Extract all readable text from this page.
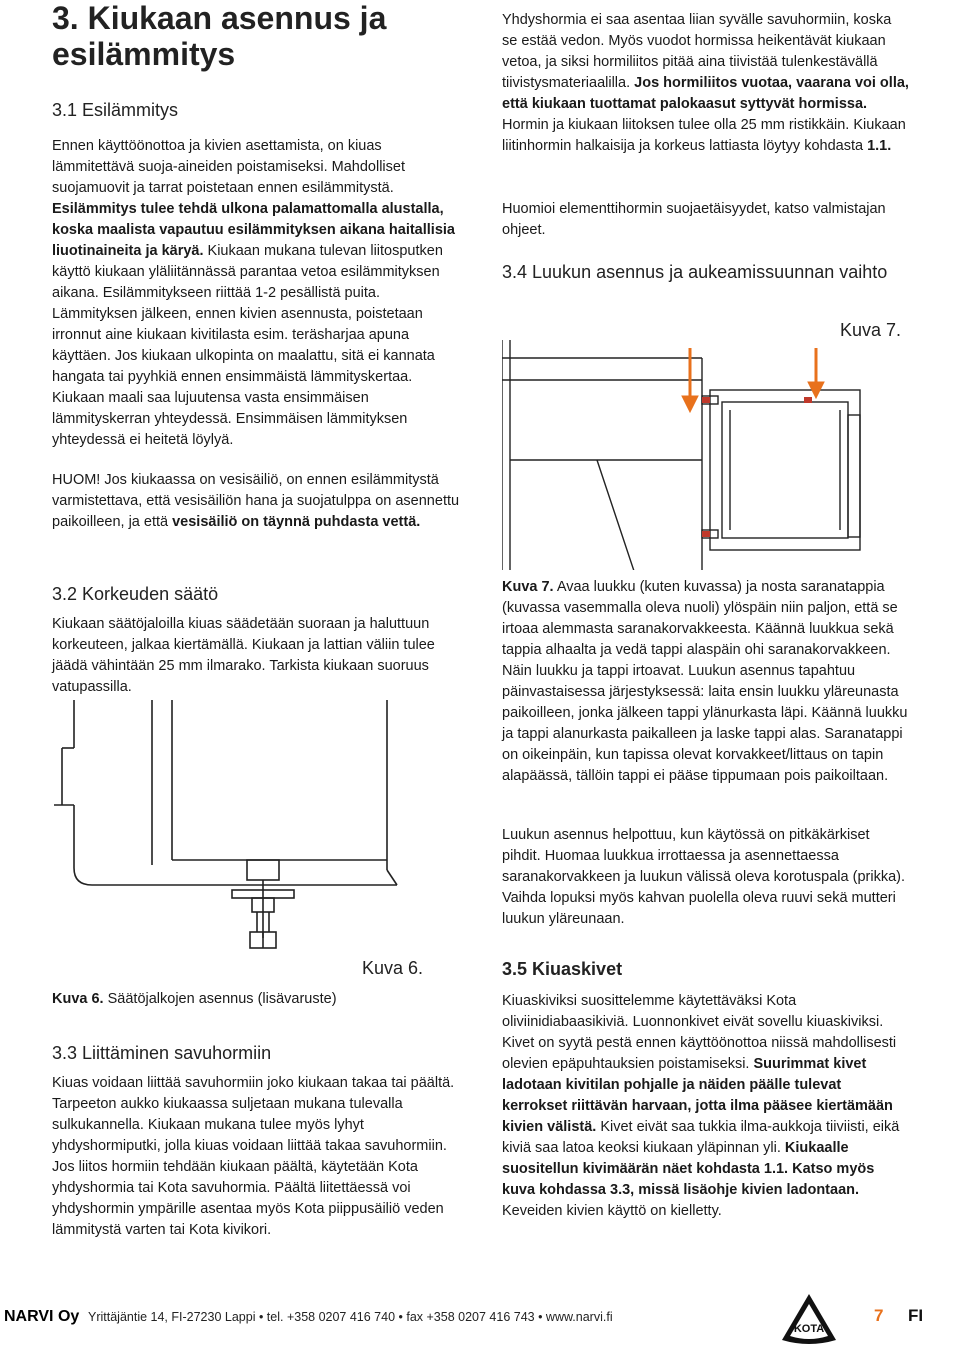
3. Kiukaan asennus ja esilämmitys
3.1 Esilämmitys

Ennen käyttöönottoa ja kivien asettamista, on kiuas lämmitettävä suoja-aineiden poistamiseksi. Mahdolliset suojamuovit ja tarrat poistetaan ennen esilämmitystä. Esilämmitys tulee tehdä ulkona palamattomalla alustalla, koska maalista vapautuu esilämmityksen aikana haitallisia liuotinaineita ja käryä. Kiukaan mukana tulevan liitosputken käyttö kiukaan yläliitännässä parantaa vetoa esilämmityksen aikana. Esilämmitykseen riittää 1-2 pesällistä puita. Lämmityksen jälkeen, ennen kivien asennusta, poistetaan irronnut aine kiukaan kivitilasta esim. teräsharjaa apuna käyttäen. Jos kiukaan ulkopinta on maalattu, sitä ei kannata hangata tai pyyhkiä ennen ensimmäistä lämmityskertaa. Kiukaan maali saa lujuutensa vasta ensimmäisen lämmityskerran yhteydessä. Ensimmäisen lämmityksen yhteydessä ei heitetä löylyä.

HUOM! Jos kiukaassa on vesisäiliö, on ennen esilämmitystä varmistettava, että vesisäiliön hana ja suojatulppa on asennettu paikoilleen, ja että vesisäiliö on täynnä puhdasta vettä.

3.2 Korkeuden säätö
Kiukaan säätöjaloilla kiuas säädetään suoraan ja haluttuun korkeuteen, jalkaa kiertämällä. Kiukaan ja lattian väliin tulee jäädä vähintään 25 mm ilmarako. Tarkista kiukaan suoruus vatupassilla.
Kuva 6.
Kuva 6. Säätöjalkojen asennus (lisävaruste)
3.3 Liittäminen savuhormiin
Kiuas voidaan liittää savuhormiin joko kiukaan takaa tai päältä. Tarpeeton aukko kiukaassa suljetaan mukana tulevalla sulkukannella. Kiukaan mukana tulee myös lyhyt yhdyshormiputki, jolla kiuas voidaan liittää takaa savuhormiin. Jos liitos hormiin tehdään kiukaan päältä, käytetään Kota yhdyshormia tai Kota savuhormia. Päältä liitettäessä voi yhdyshormin ympärille asentaa myös Kota piippusäiliö veden lämmitystä varten tai Kota kivikori.

Yhdyshormia ei saa asentaa liian syvälle savuhormiin, koska se estää vedon. Myös vuodot hormissa heikentävät kiukaan vetoa, ja siksi hormiliitos pitää aina tiivistää tulenkestävällä tiivistysmateriaalilla. Jos hormiliitos vuotaa, vaarana voi olla, että kiukaan tuottamat palokaasut syttyvät hormissa. Hormin ja kiukaan liitoksen tulee olla 25 mm ristikkäin. Kiukaan liitinhormin halkaisija ja korkeus lattiasta löytyy kohdasta 1.1.

Huomioi elementtihormin suojaetäisyydet, katso valmistajan ohjeet.
3.4 Luukun asennus ja aukeamissuunnan vaihto
Kuva 7.
Kuva 7. Avaa luukku (kuten kuvassa) ja nosta saranatappia (kuvassa vasemmalla oleva nuoli) ylöspäin niin paljon, että se irtoaa alemmasta saranakorvakkeesta. Käännä luukkua sekä tappia alhaalta ja vedä tappi alaspäin ohi saranakorvakkeen. Näin luukku ja tappi irtoavat. Luukun asennus tapahtuu päinvastaisessa järjestyksessä: laita ensin luukku yläreunasta paikoilleen, jonka jälkeen tappi ylänurkasta läpi. Käännä luukku ja tappi alanurkasta paikalleen ja laske tappi alas. Saranatappi on oikeinpäin, kun tapissa olevat korvakkeet/littaus on tapin alapäässä, tällöin tappi ei pääse tippumaan pois paikoiltaan.
Luukun asennus helpottuu, kun käytössä on pitkäkärkiset pihdit. Huomaa luukkua irrottaessa ja asennettaessa saranakorvakkeen ja luukun välissä oleva korotuspala (prikka). Vaihda lopuksi myös kahvan puolella oleva ruuvi sekä mutteri luukun yläreunaan.
3.5 Kiuaskivet

Kiuaskiviksi suosittelemme käytettäväksi Kota oliviinidiabaasikiviä. Luonnonkivet eivät sovellu kiuaskiviksi. Kivet on syytä pestä ennen käyttöönottoa niissä mahdollisesti olevien epäpuhtauksien poistamiseksi. Suurimmat kivet ladotaan kivitilan pohjalle ja näiden päälle tulevat kerrokset riittävän harvaan, jotta ilma pääsee kiertämään kivien välistä. Kivet eivät saa tukkia ilma-aukkoja tiiviisti, eikä kiviä saa latoa keoksi kiukaan yläpinnan yli. Kiukaalle suositellun kivimäärän näet kohdasta 1.1. Katso myös kuva kohdassa 3.3, missä lisäohje kivien ladontaan. Keveiden kivien käyttö on kielletty.

NARVI Oy Yrittäjäntie 14, FI-27230 Lappi • tel. +358 0207 416 740 • fax +358 0207 416 743 • www.narvi.fi
KOTA
7 FI
